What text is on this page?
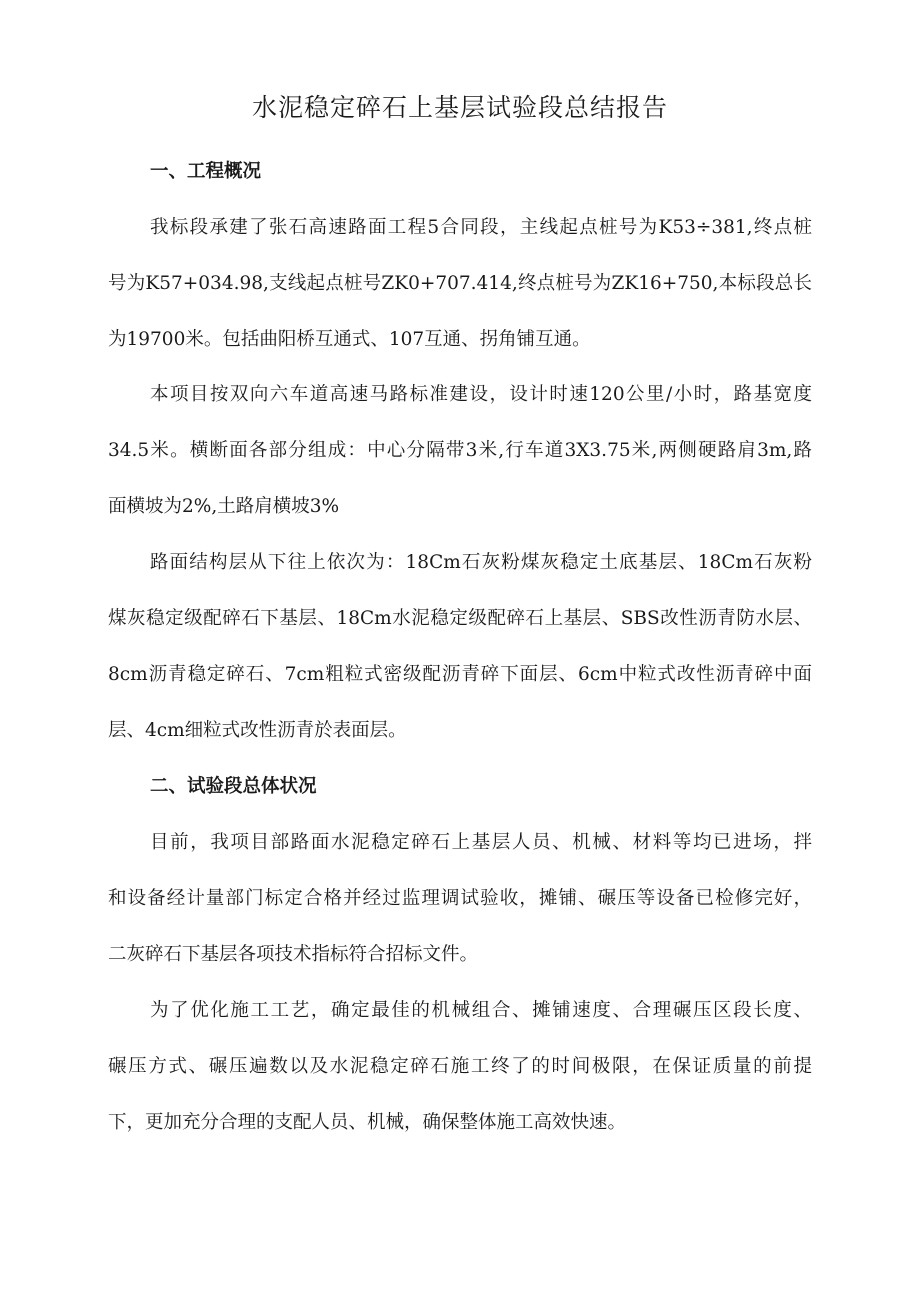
水泥稳定碎石上基层试验段总结报告
一、工程概况
我标段承建了张石高速路面工程5合同段，主线起点桩号为K53÷381,终点桩
号为K57+034.98,支线起点桩号ZK0+707.414,终点桩号为ZK16+750,本标段总长
为19700米。包括曲阳桥互通式、107互通、拐角铺互通。
本项目按双向六车道高速马路标准建设，设计时速120公里/小时，路基宽度
34.5米。横断面各部分组成：中心分隔带3米,行车道3X3.75米,两侧硬路肩3m,路
面横坡为2%,土路肩横坡3%
路面结构层从下往上依次为：18Cm石灰粉煤灰稳定土底基层、18Cm石灰粉
煤灰稳定级配碎石下基层、18Cm水泥稳定级配碎石上基层、SBS改性沥青防水层、
8cm沥青稳定碎石、7cm粗粒式密级配沥青碎下面层、6cm中粒式改性沥青碎中面
层、4cm细粒式改性沥青於表面层。
二、试验段总体状况
目前，我项目部路面水泥稳定碎石上基层人员、机械、材料等均已进场，拌
和设备经计量部门标定合格并经过监理调试验收，摊铺、碾压等设备已检修完好，
二灰碎石下基层各项技术指标符合招标文件。
为了优化施工工艺，确定最佳的机械组合、摊铺速度、合理碾压区段长度、
碾压方式、碾压遍数以及水泥稳定碎石施工终了的时间极限，在保证质量的前提
下，更加充分合理的支配人员、机械，确保整体施工高效快速。
